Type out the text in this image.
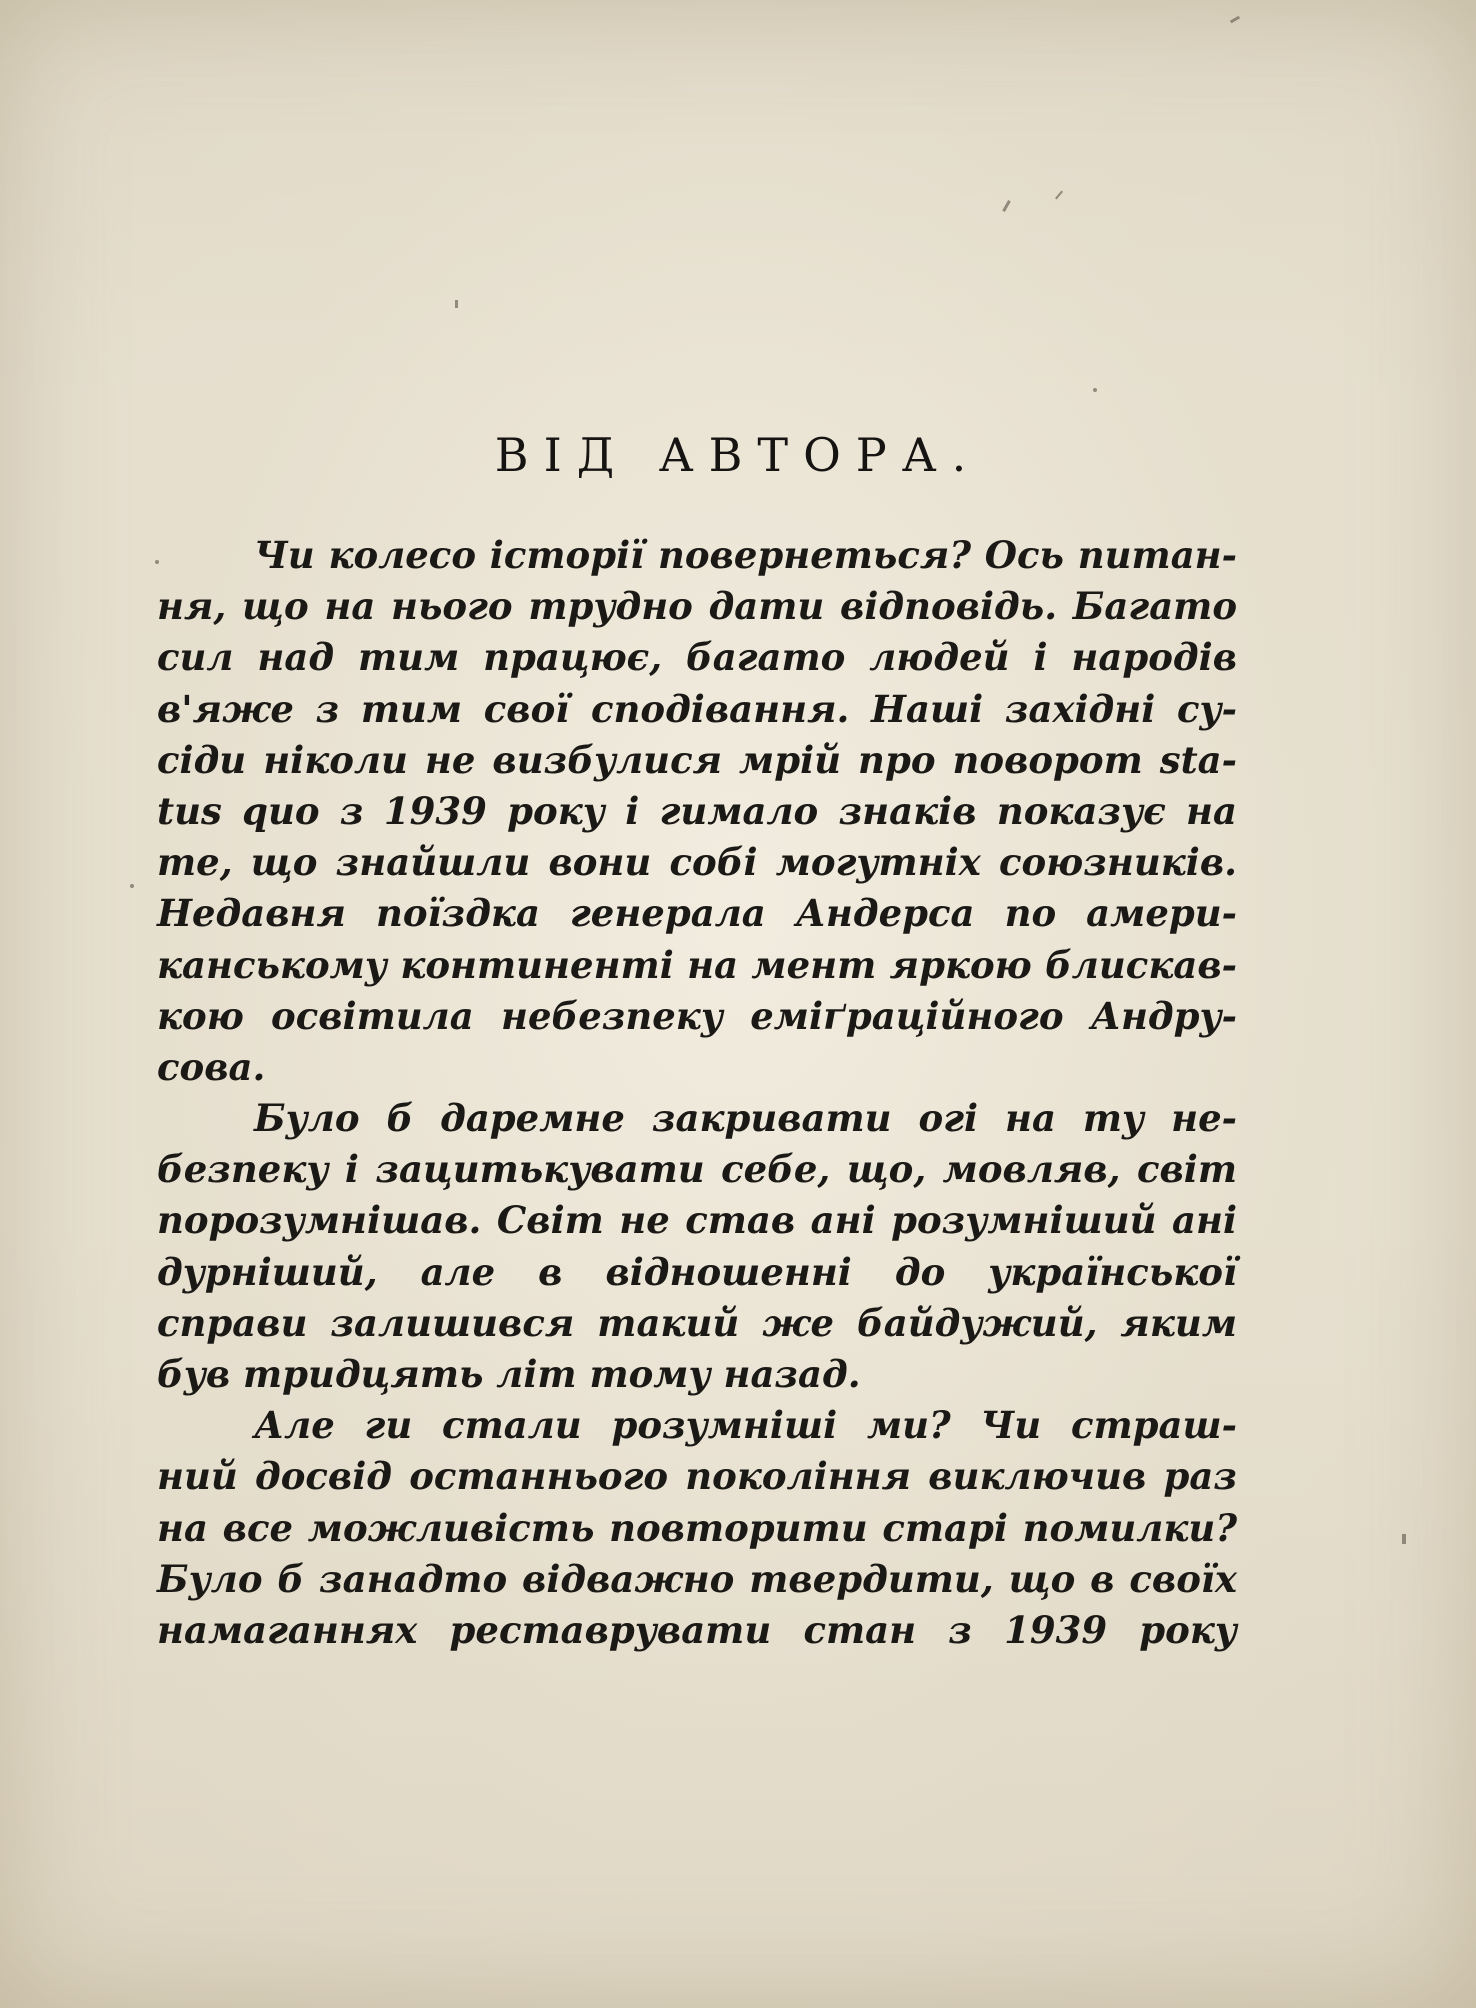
ВІД АВТОРА.
Чи колесо історії повернеться? Ось питан-
ня, що на нього трудно дати відповідь. Багато
сил над тим працює, багато людей і народів
в'яже з тим свої сподівання. Нашi західні су-
сіди ніколи не визбулися мрій про поворот sta-
tus quo з 1939 року і гимало знаків показує на
те, що знайшли вони собі могутніх союзників.
Недавня поїздка генерала Андерса по амери-
канському континенті на мент яркою блискав-
кою освітила небезпеку еміґраційного Андру-
сова.
Було б даремне закривати огі на ту не-
безпеку і зацитькувати себе, що, мовляв, світ
порозумнішав. Світ не став ані розумніший ані
дурніший, але в відношенні до української
справи залишився такий же байдужий, яким
був тридцять літ тому назад.
Але ги стали розумніші ми? Чи страш-
ний досвід останнього покоління виключив раз
на все можливість повторити старі помилки?
Було б занадто відважно твердити, що в своїх
намаганнях реставрувати стан з 1939 року
